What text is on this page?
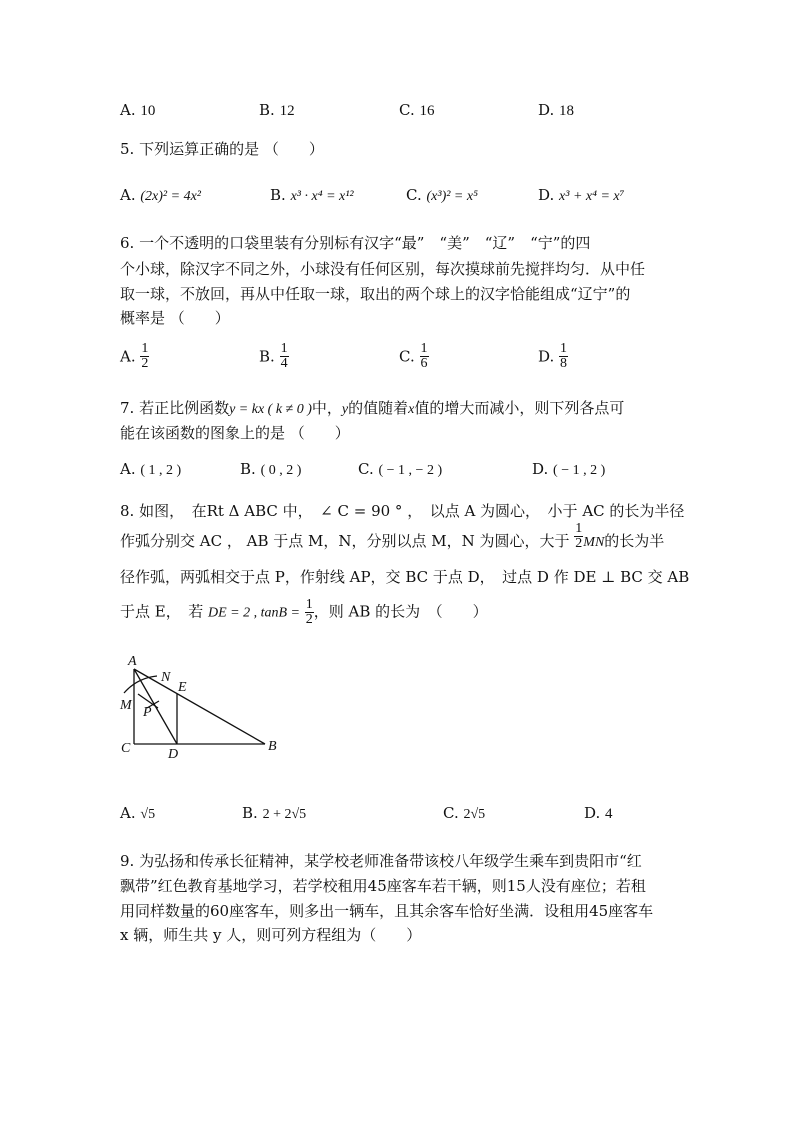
A. 10	B. 12	C. 16	D. 18
5. 下列运算正确的是 （　　）
A. (2x)² = 4x²	B. x³ · x⁴ = x¹²	C. (x³)² = x⁵	D. x³ + x⁴ = x⁷
6. 一个不透明的口袋里装有分别标有汉字“最”　“美”　“辽”　“宁”的四
个小球，除汉字不同之外，小球没有任何区别，每次摸球前先搅拌均匀．从中任
取一球，不放回，再从中任取一球，取出的两个球上的汉字恰能组成“辽宁”的
概率是 （　　）
A. $\frac{1}{2}$	B. $\frac{1}{4}$	C. $\frac{1}{6}$	D. $\frac{1}{8}$
7. 若正比例函数y = kx ( k ≠ 0 )中，y的值随着x值的增大而减小，则下列各点可
能在该函数的图象上的是 （　　）
A. ( 1 , 2 )	B. ( 0 , 2 )	C. ( − 1 , − 2 )	D. ( − 1 , 2 )
8. 如图，　在Rt Δ ABC 中，　∠ C = 90 ° ，　以点 A 为圆心，　小于 AC 的长为半径
作弧分别交 AC ， AB 于点 M，N，分别以点 M，N 为圆心，大于 $\frac{1}{2}$ MN的长为半
径作弧，两弧相交于点 P，作射线 AP，交 BC 于点 D，　过点 D 作 DE ⊥ BC 交 AB
于点 E，　若 DE = 2 , $\tan B = \frac{1}{2}$ ，则 AB 的长为　（　　）
A
N
E
M P
C	D
B
A. √5	B. 2 + 2√5	C. 2√5	D. 4
9. 为弘扬和传承长征精神，某学校老师准备带该校八年级学生乘车到贵阳市“红
飘带”红色教育基地学习，若学校租用45座客车若干辆，则15人没有座位；若租
用同样数量的60座客车，则多出一辆车，且其余客车恰好坐满．设租用45座客车
x 辆，师生共 y 人，则可列方程组为（　　）
